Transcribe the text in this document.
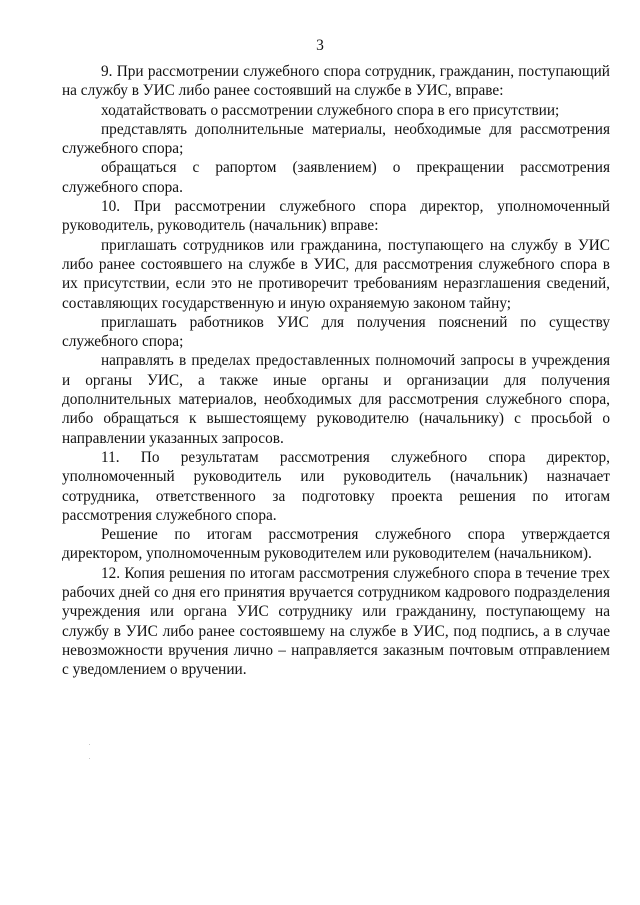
3

9. При рассмотрении служебного спора сотрудник, гражданин, поступающий на службу в УИС либо ранее состоявший на службе в УИС, вправе:

ходатайствовать о рассмотрении служебного спора в его присутствии;

представлять дополнительные материалы, необходимые для рассмотрения служебного спора;

обращаться с рапортом (заявлением) о прекращении рассмотрения служебного спора.

10. При рассмотрении служебного спора директор, уполномоченный руководитель, руководитель (начальник) вправе:

приглашать сотрудников или гражданина, поступающего на службу в УИС либо ранее состоявшего на службе в УИС, для рассмотрения служебного спора в их присутствии, если это не противоречит требованиям неразглашения сведений, составляющих государственную и иную охраняемую законом тайну;

приглашать работников УИС для получения пояснений по существу служебного спора;

направлять в пределах предоставленных полномочий запросы в учреждения и органы УИС, а также иные органы и организации для получения дополнительных материалов, необходимых для рассмотрения служебного спора, либо обращаться к вышестоящему руководителю (начальнику) с просьбой о направлении указанных запросов.

11. По результатам рассмотрения служебного спора директор, уполномоченный руководитель или руководитель (начальник) назначает сотрудника, ответственного за подготовку проекта решения по итогам рассмотрения служебного спора.

Решение по итогам рассмотрения служебного спора утверждается директором, уполномоченным руководителем или руководителем (начальником).

12. Копия решения по итогам рассмотрения служебного спора в течение трех рабочих дней со дня его принятия вручается сотрудником кадрового подразделения учреждения или органа УИС сотруднику или гражданину, поступающему на службу в УИС либо ранее состоявшему на службе в УИС, под подпись, а в случае невозможности вручения лично – направляется заказным почтовым отправлением с уведомлением о вручении.
